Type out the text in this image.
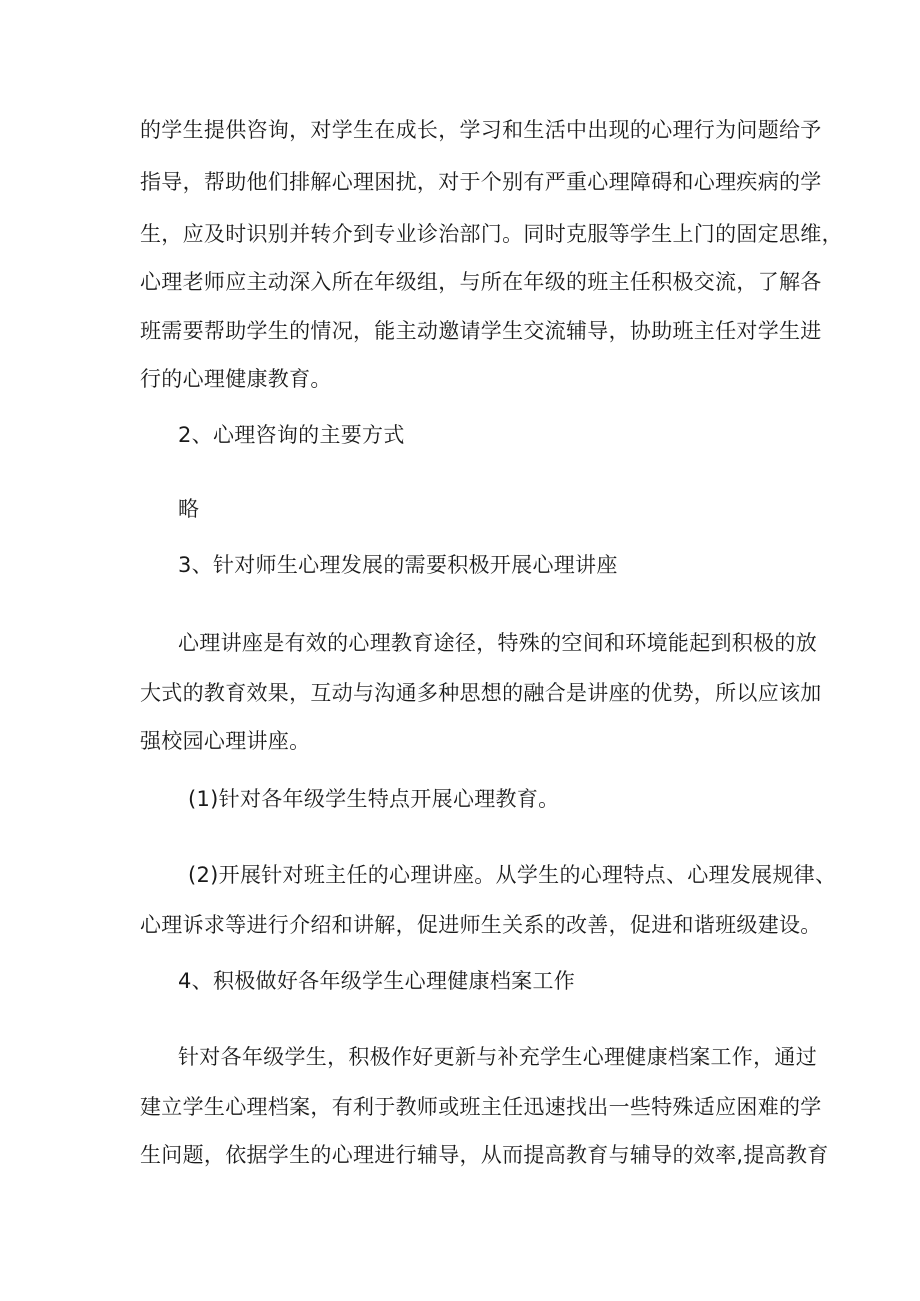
的学生提供咨询，对学生在成长，学习和生活中出现的心理行为问题给予
指导，帮助他们排解心理困扰，对于个别有严重心理障碍和心理疾病的学
生，应及时识别并转介到专业诊治部门。同时克服等学生上门的固定思维，
心理老师应主动深入所在年级组，与所在年级的班主任积极交流，了解各
班需要帮助学生的情况，能主动邀请学生交流辅导，协助班主任对学生进
行的心理健康教育。
2、心理咨询的主要方式
略
3、针对师生心理发展的需要积极开展心理讲座
心理讲座是有效的心理教育途径，特殊的空间和环境能起到积极的放
大式的教育效果，互动与沟通多种思想的融合是讲座的优势，所以应该加
强校园心理讲座。
(1)针对各年级学生特点开展心理教育。
(2)开展针对班主任的心理讲座。从学生的心理特点、心理发展规律、
心理诉求等进行介绍和讲解，促进师生关系的改善，促进和谐班级建设。
4、积极做好各年级学生心理健康档案工作
针对各年级学生，积极作好更新与补充学生心理健康档案工作，通过
建立学生心理档案，有利于教师或班主任迅速找出一些特殊适应困难的学
生问题，依据学生的心理进行辅导，从而提高教育与辅导的效率,提高教育
